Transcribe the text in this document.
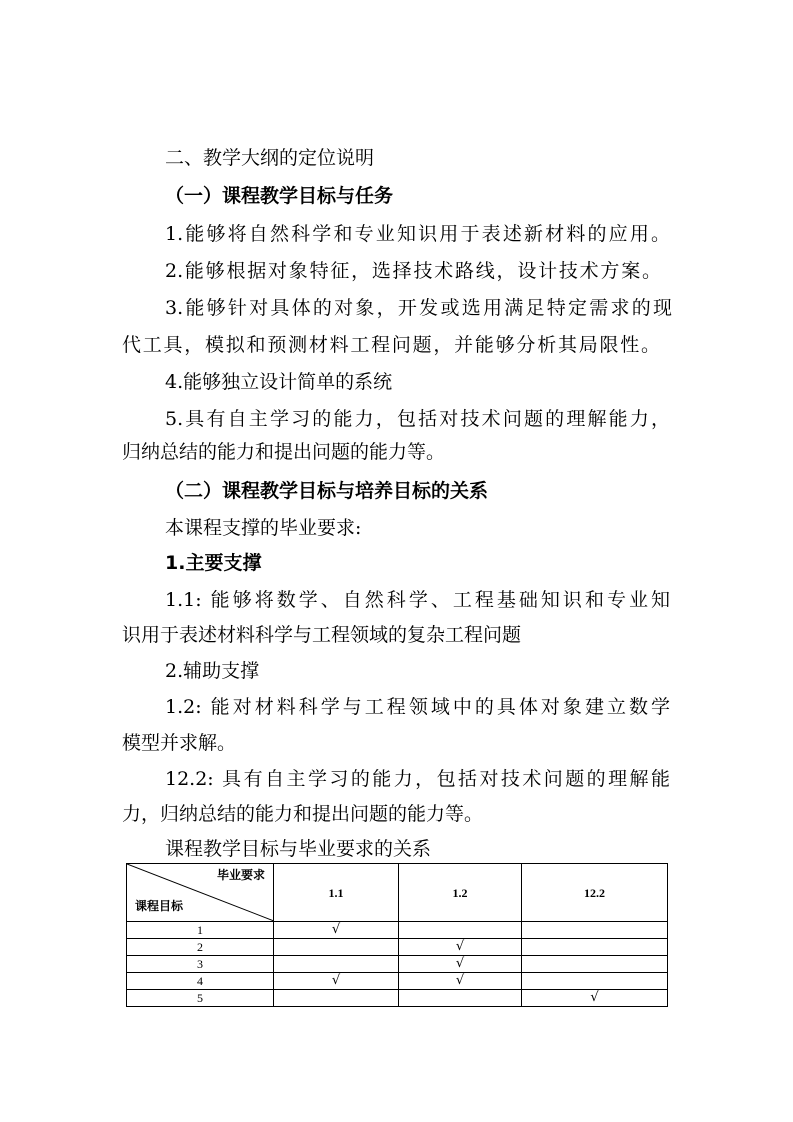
二、教学大纲的定位说明
（一）课程教学目标与任务
1.能够将自然科学和专业知识用于表述新材料的应用。
2.能够根据对象特征，选择技术路线，设计技术方案。
3.能够针对具体的对象，开发或选用满足特定需求的现
代工具，模拟和预测材料工程问题，并能够分析其局限性。
4.能够独立设计简单的系统
5.具有自主学习的能力，包括对技术问题的理解能力，
归纳总结的能力和提出问题的能力等。
（二）课程教学目标与培养目标的关系
本课程支撑的毕业要求:
1.主要支撑
1.1: 能够将数学、自然科学、工程基础知识和专业知
识用于表述材料科学与工程领域的复杂工程问题
2.辅助支撑
1.2: 能对材料科学与工程领域中的具体对象建立数学
模型并求解。
12.2: 具有自主学习的能力，包括对技术问题的理解能
力，归纳总结的能力和提出问题的能力等。
课程教学目标与毕业要求的关系
毕业要求
课程目标	1.1	1.2	12.2
1	√		
2		√	
3		√	
4	√	√	
5			√
